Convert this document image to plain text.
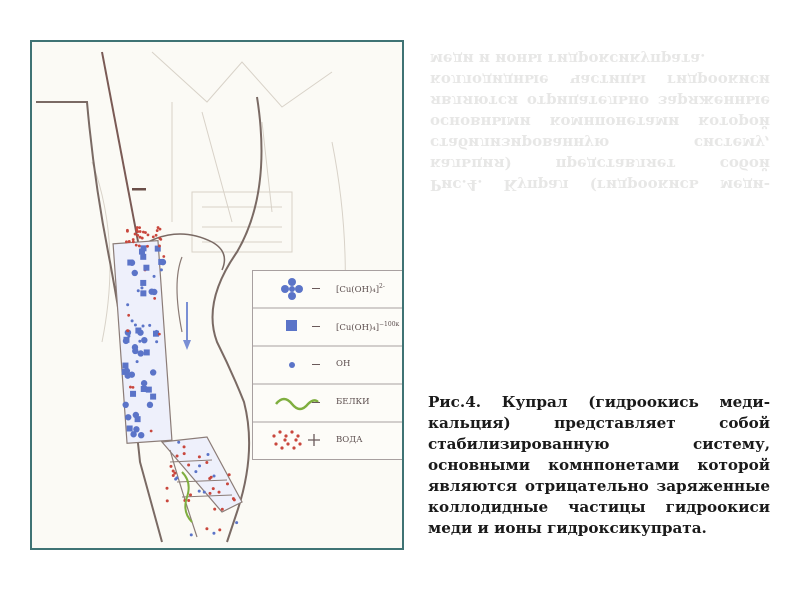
Рис.4. Купрал (гидроокись меди-кальция) представляет собой стабилизированную систему, основными комнпонетами которой являются отрицательно заряженные коллодидные частицы гидроокиси меди и ионы гидроксикупрата.
$[Cu(OH)_4]^{2-}$
$[Cu(OH)_4]^{-100к}$
OH
БЕЛКИ
ВОДА
Рис.4. Купрал (гидроокись меди-кальция) представляет собой стабилизированную систему, основными комнпонетами которой являются отрицательно заряженные коллодидные частицы гидроокиси меди и ионы гидроксикупрата.
